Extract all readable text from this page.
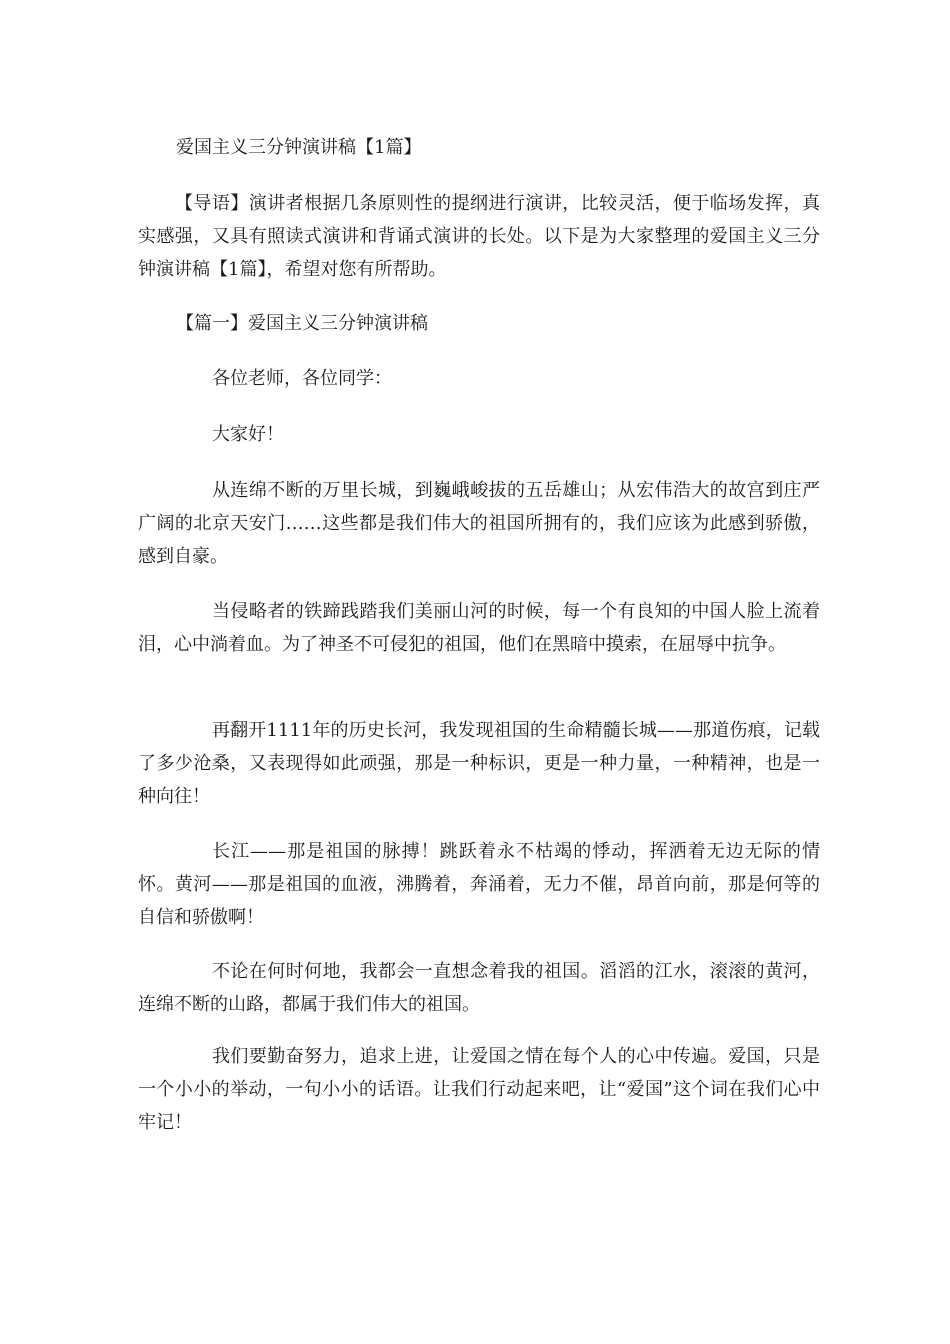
爱国主义三分钟演讲稿【1篇】

【导语】演讲者根据几条原则性的提纲进行演讲，比较灵活，便于临场发挥，真实感强，又具有照读式演讲和背诵式演讲的长处。以下是为大家整理的爱国主义三分钟演讲稿【1篇】，希望对您有所帮助。

【篇一】爱国主义三分钟演讲稿
各位老师，各位同学：
大家好！

从连绵不断的万里长城，到巍峨峻拔的五岳雄山；从宏伟浩大的故宫到庄严广阔的北京天安门……这些都是我们伟大的祖国所拥有的，我们应该为此感到骄傲，感到自豪。

当侵略者的铁蹄践踏我们美丽山河的时候，每一个有良知的中国人脸上流着泪，心中淌着血。为了神圣不可侵犯的祖国，他们在黑暗中摸索，在屈辱中抗争。

再翻开1111年的历史长河，我发现祖国的生命精髓长城——那道伤痕，记载了多少沧桑，又表现得如此顽强，那是一种标识，更是一种力量，一种精神，也是一种向往！

长江——那是祖国的脉搏！跳跃着永不枯竭的悸动，挥洒着无边无际的情怀。黄河——那是祖国的血液，沸腾着，奔涌着，无力不催，昂首向前，那是何等的自信和骄傲啊！

不论在何时何地，我都会一直想念着我的祖国。滔滔的江水，滚滚的黄河，连绵不断的山路，都属于我们伟大的祖国。

我们要勤奋努力，追求上进，让爱国之情在每个人的心中传遍。爱国，只是一个小小的举动，一句小小的话语。让我们行动起来吧，让“爱国”这个词在我们心中牢记！
